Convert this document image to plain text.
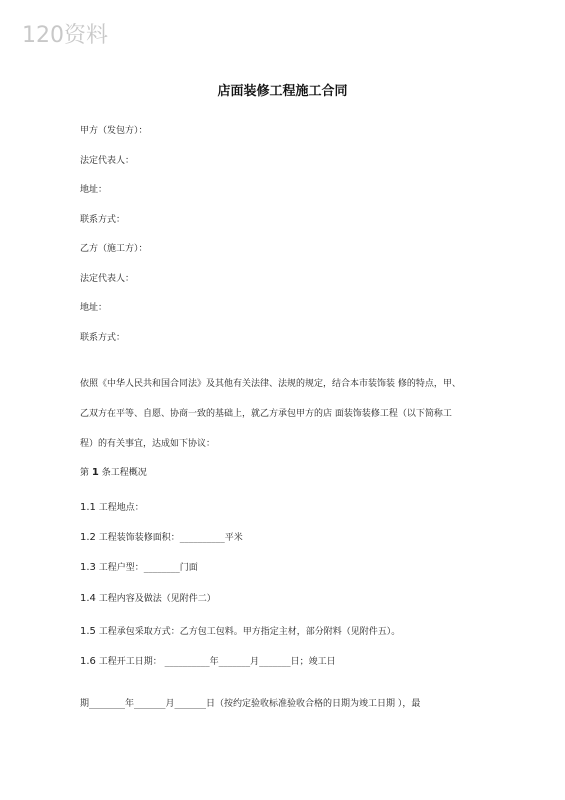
120资料
店面装修工程施工合同
甲方（发包方）：
法定代表人：
地址：
联系方式：
乙方（施工方）：
法定代表人：
地址：
联系方式：
依照《中华人民共和国合同法》及其他有关法律、法规的规定，结合本市装饰装 修的特点，甲、
乙双方在平等、自愿、协商一致的基础上，就乙方承包甲方的店 面装饰装修工程（以下简称工
程）的有关事宜，达成如下协议：
第 1 条工程概况
1.1 工程地点：
1.2 工程装饰装修面积：__________平米
1.3 工程户型：________门面
1.4 工程内容及做法（见附件二）
1.5 工程承包采取方式：乙方包工包料。甲方指定主材，部分附料（见附件五）。
1.6 工程开工日期： __________年_______月_______日；竣工日
期________年_______月_______日（按约定验收标准验收合格的日期为竣工日期 ），最
